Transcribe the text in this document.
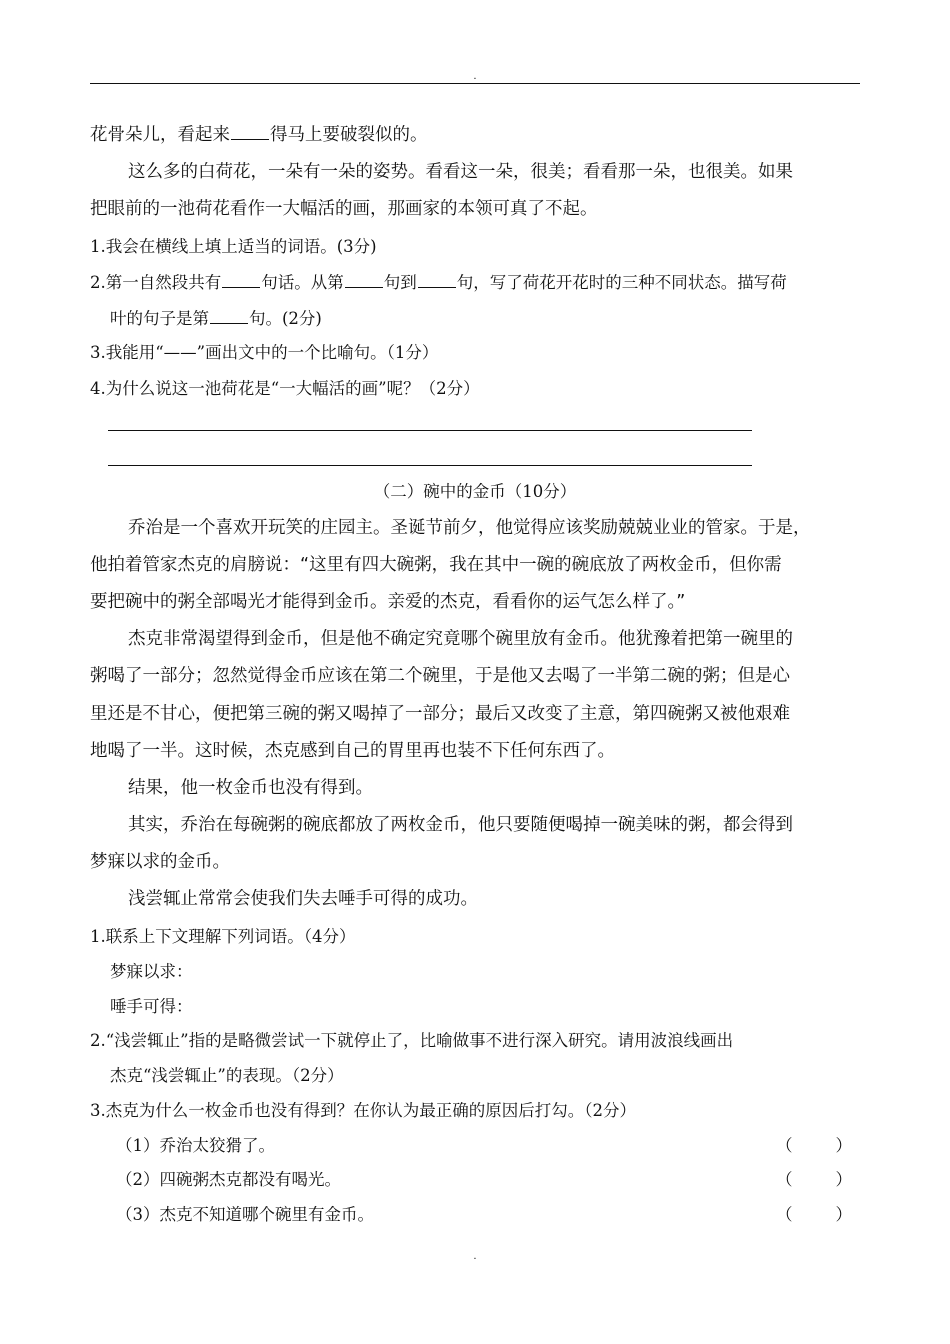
.
花骨朵儿，看起来 得马上要破裂似的。
这么多的白荷花，一朵有一朵的姿势。看看这一朵，很美；看看那一朵，也很美。如果
把眼前的一池荷花看作一大幅活的画，那画家的本领可真了不起。
1.我会在横线上填上适当的词语。(3分)
2.第一自然段共有 句话。从第 句到 句，写了荷花开花时的三种不同状态。描写荷
叶的句子是第 句。(2分)
3.我能用“——”画出文中的一个比喻句。（1分）
4.为什么说这一池荷花是“一大幅活的画”呢？（2分）
（二）碗中的金币（10分）
乔治是一个喜欢开玩笑的庄园主。圣诞节前夕，他觉得应该奖励兢兢业业的管家。于是，
他拍着管家杰克的肩膀说：“这里有四大碗粥，我在其中一碗的碗底放了两枚金币，但你需
要把碗中的粥全部喝光才能得到金币。亲爱的杰克，看看你的运气怎么样了。”
杰克非常渴望得到金币，但是他不确定究竟哪个碗里放有金币。他犹豫着把第一碗里的
粥喝了一部分；忽然觉得金币应该在第二个碗里，于是他又去喝了一半第二碗的粥；但是心
里还是不甘心，便把第三碗的粥又喝掉了一部分；最后又改变了主意，第四碗粥又被他艰难
地喝了一半。这时候，杰克感到自己的胃里再也装不下任何东西了。
结果，他一枚金币也没有得到。
其实，乔治在每碗粥的碗底都放了两枚金币，他只要随便喝掉一碗美味的粥，都会得到
梦寐以求的金币。
浅尝辄止常常会使我们失去唾手可得的成功。
1.联系上下文理解下列词语。（4分）
梦寐以求：
唾手可得：
2.“浅尝辄止”指的是略微尝试一下就停止了，比喻做事不进行深入研究。请用波浪线画出
杰克“浅尝辄止”的表现。（2分）
3.杰克为什么一枚金币也没有得到？在你认为最正确的原因后打勾。（2分）
（1）乔治太狡猾了。	（	）
（2）四碗粥杰克都没有喝光。	（	）
（3）杰克不知道哪个碗里有金币。	（	）
.
